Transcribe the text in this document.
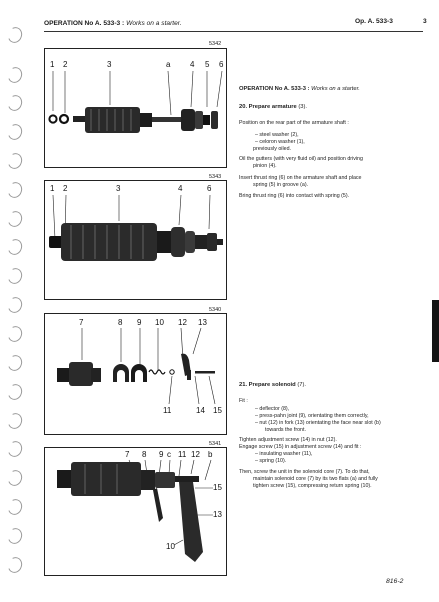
OPERATION No A. 533-3 : Works on a starter.	Op. A. 533-3	3
5342
1 2	3	a 4 5 6
5343
1 2	3	4	6
5340
7	8 9 10 12 13
11	14 15
5341
7 8 9 c 11 12 b
15
13
10
OPERATION No A. 533-3 : Works on a starter.
20. Prepare armature (3).
Position on the rear part of the armature shaft :
– steel washer (2),
– celoron washer (1),
previously oiled.
Oil the gutters (with very fluid oil) and position driving
pinion (4).
Insert thrust ring (6) on the armature shaft and place
spring (5) in groove (a).
Bring thrust ring (6) into contact with spring (5).
21. Prepare solenoid (7).
Fit :
– deflector (8),
– press-pahn joint (9), orientating them correctly,
– nut (12) in fork (13) orientating the face near slot (b)
towards the front.
Tighten adjustment screw (14) in nut (12).
Engage screw (15) in adjustment screw (14) and fit :
– insulating washer (11),
– spring (10).
Then, screw the unit in the solenoid core (7). To do that,
maintain solenoid core (7) by its two flats (a) and fully
tighten screw (15), compressing return spring (10).
816-2
